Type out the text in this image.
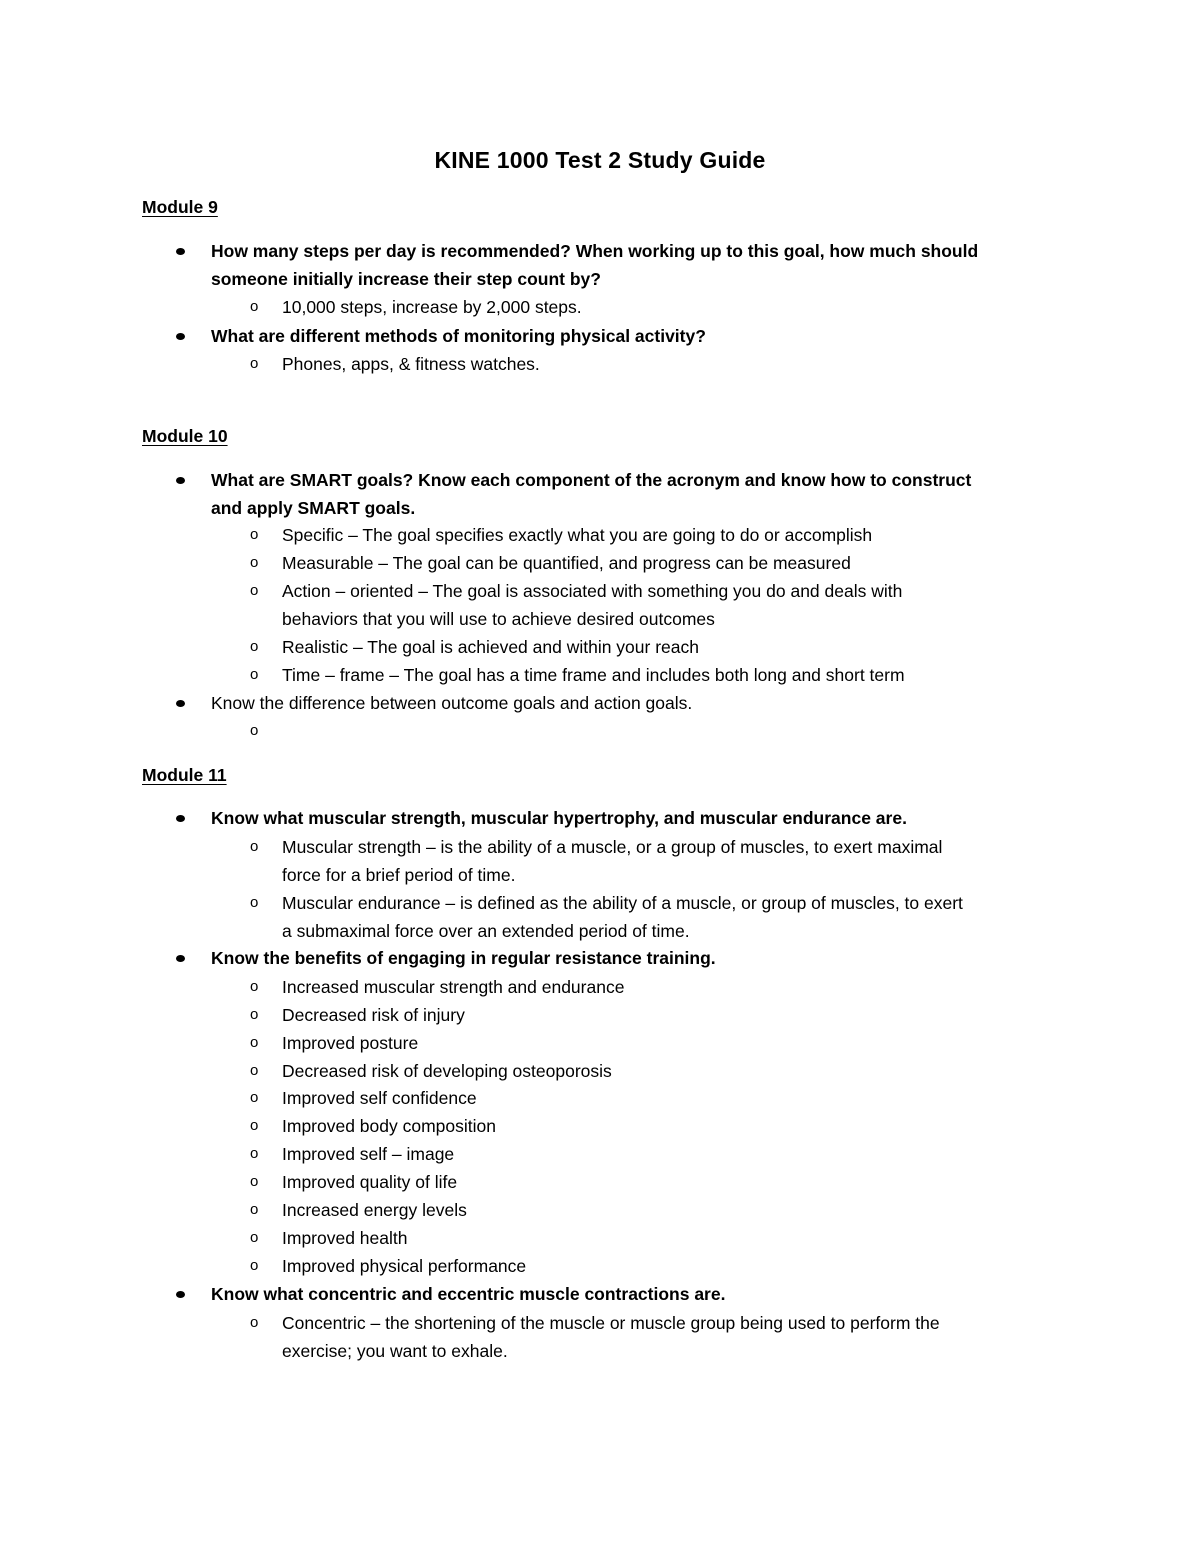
KINE 1000 Test 2 Study Guide
Module 9
How many steps per day is recommended? When working up to this goal, how much should
someone initially increase their step count by?
o 10,000 steps, increase by 2,000 steps.
What are different methods of monitoring physical activity?
o Phones, apps, & fitness watches.
Module 10
What are SMART goals? Know each component of the acronym and know how to construct
and apply SMART goals.
o Specific – The goal specifies exactly what you are going to do or accomplish
o Measurable – The goal can be quantified, and progress can be measured
o Action – oriented – The goal is associated with something you do and deals with
behaviors that you will use to achieve desired outcomes
o Realistic – The goal is achieved and within your reach
o Time – frame – The goal has a time frame and includes both long and short term
Know the difference between outcome goals and action goals.
o
Module 11
Know what muscular strength, muscular hypertrophy, and muscular endurance are.
o Muscular strength – is the ability of a muscle, or a group of muscles, to exert maximal
force for a brief period of time.
o Muscular endurance – is defined as the ability of a muscle, or group of muscles, to exert
a submaximal force over an extended period of time.
Know the benefits of engaging in regular resistance training.
o Increased muscular strength and endurance
o Decreased risk of injury
o Improved posture
o Decreased risk of developing osteoporosis
o Improved self confidence
o Improved body composition
o Improved self – image
o Improved quality of life
o Increased energy levels
o Improved health
o Improved physical performance
Know what concentric and eccentric muscle contractions are.
o Concentric – the shortening of the muscle or muscle group being used to perform the
exercise; you want to exhale.
